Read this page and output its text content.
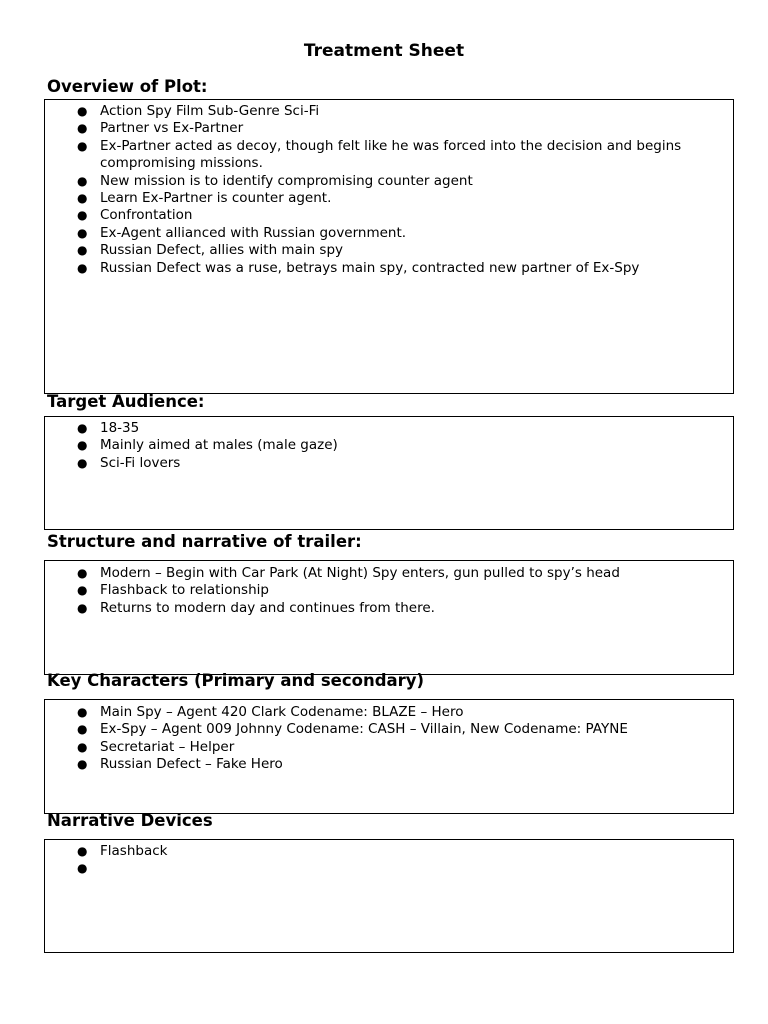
Treatment Sheet
Overview of Plot:
● Action Spy Film Sub-Genre Sci-Fi
● Partner vs Ex-Partner
● Ex-Partner acted as decoy, though felt like he was forced into the decision and begins compromising missions.
● New mission is to identify compromising counter agent
● Learn Ex-Partner is counter agent.
● Confrontation
● Ex-Agent allianced with Russian government.
● Russian Defect, allies with main spy
● Russian Defect was a ruse, betrays main spy, contracted new partner of Ex-Spy
Target Audience:
● 18-35
● Mainly aimed at males (male gaze)
● Sci-Fi lovers
Structure and narrative of trailer:
● Modern – Begin with Car Park (At Night) Spy enters, gun pulled to spy’s head
● Flashback to relationship
● Returns to modern day and continues from there.
Key Characters (Primary and secondary)
● Main Spy – Agent 420 Clark Codename: BLAZE – Hero
● Ex-Spy – Agent 009 Johnny Codename: CASH – Villain, New Codename: PAYNE
● Secretariat – Helper
● Russian Defect – Fake Hero
Narrative Devices
● Flashback
●
